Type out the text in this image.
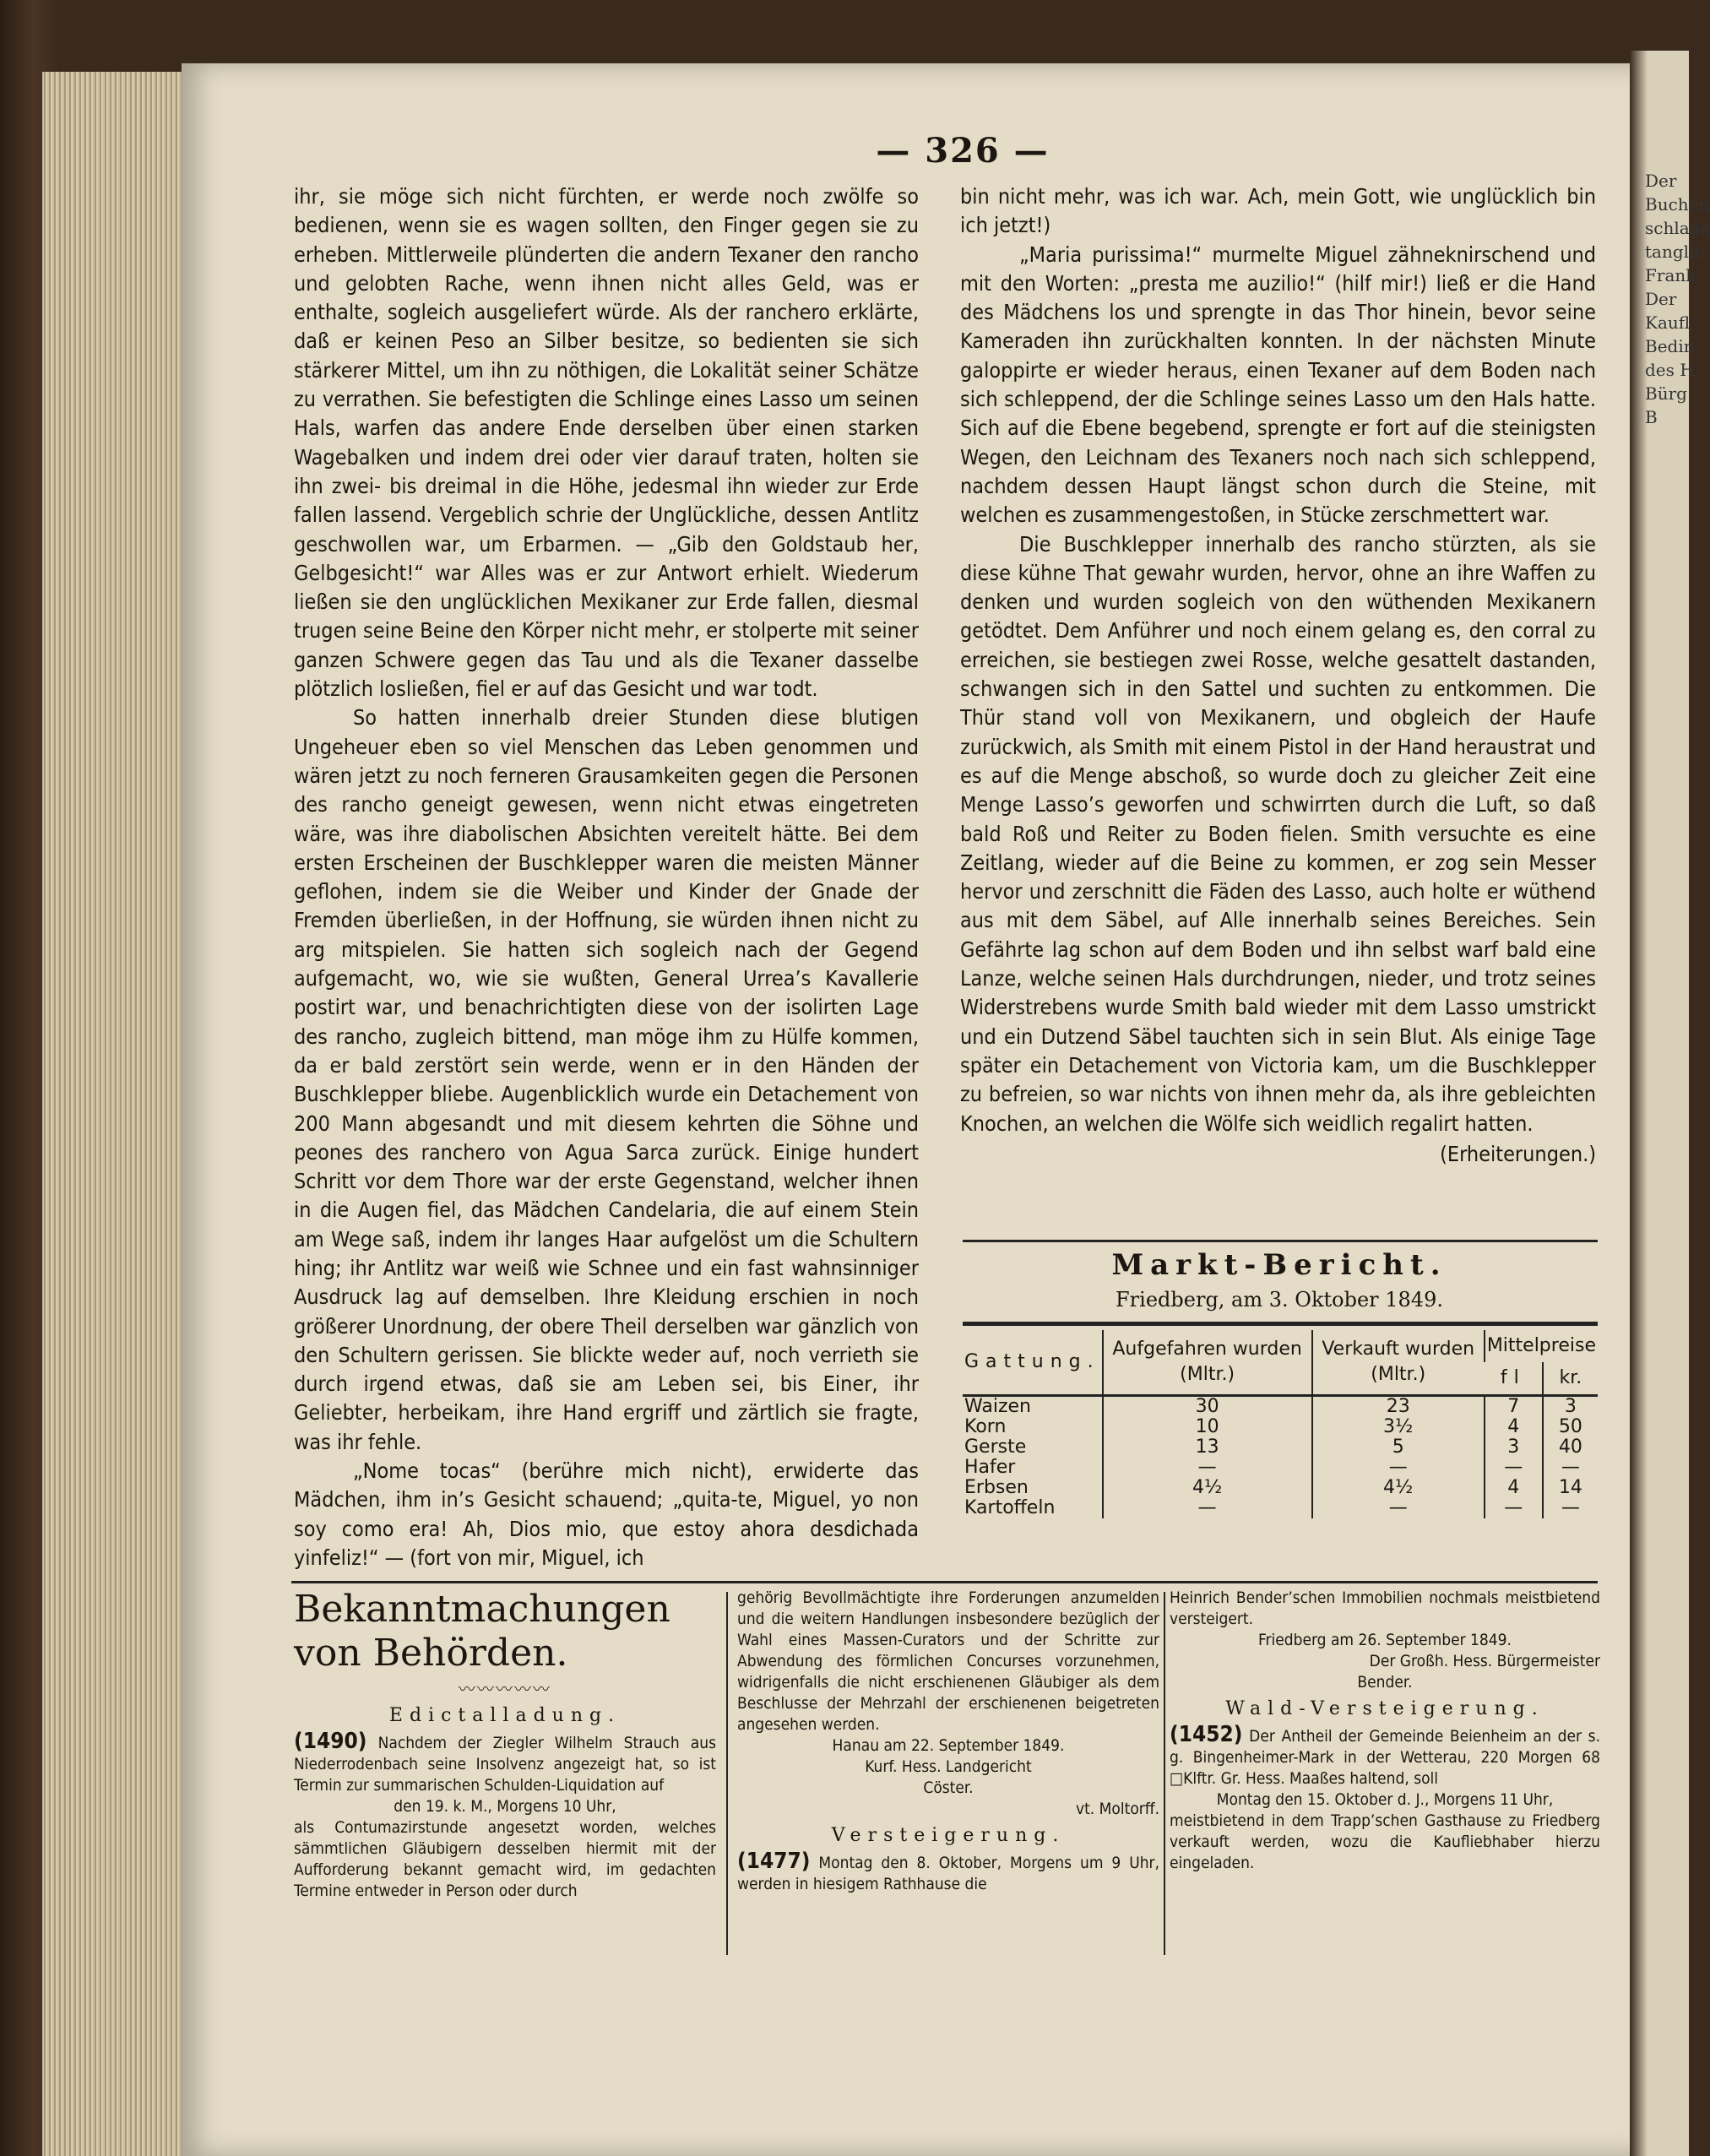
Der
Buchen
schlage
tanglic
Frank
Der
Kaufl
Bedin
des H
Bürg
B
— 326 —

ihr, sie möge sich nicht fürchten, er werde noch zwölfe so bedienen, wenn sie es wagen sollten, den Finger gegen sie zu erheben. Mittlerweile plünderten die andern Texaner den rancho und gelobten Rache, wenn ihnen nicht alles Geld, was er enthalte, sogleich ausgeliefert würde. Als der ranchero erklärte, daß er keinen Peso an Silber besitze, so bedienten sie sich stärkerer Mittel, um ihn zu nöthigen, die Lokalität seiner Schätze zu verrathen. Sie befestigten die Schlinge eines Lasso um seinen Hals, warfen das andere Ende derselben über einen starken Wagebalken und indem drei oder vier darauf traten, holten sie ihn zwei- bis dreimal in die Höhe, jedesmal ihn wieder zur Erde fallen lassend. Vergeblich schrie der Unglückliche, dessen Antlitz geschwollen war, um Erbarmen. — „Gib den Goldstaub her, Gelbgesicht!“ war Alles was er zur Antwort erhielt. Wiederum ließen sie den unglücklichen Mexikaner zur Erde fallen, diesmal trugen seine Beine den Körper nicht mehr, er stolperte mit seiner ganzen Schwere gegen das Tau und als die Texaner dasselbe plötzlich losließen, fiel er auf das Gesicht und war todt.

So hatten innerhalb dreier Stunden diese blutigen Ungeheuer eben so viel Menschen das Leben genommen und wären jetzt zu noch ferneren Grausamkeiten gegen die Personen des rancho geneigt gewesen, wenn nicht etwas eingetreten wäre, was ihre diabolischen Absichten vereitelt hätte. Bei dem ersten Erscheinen der Buschklepper waren die meisten Männer geflohen, indem sie die Weiber und Kinder der Gnade der Fremden überließen, in der Hoffnung, sie würden ihnen nicht zu arg mitspielen. Sie hatten sich sogleich nach der Gegend aufgemacht, wo, wie sie wußten, General Urrea’s Kavallerie postirt war, und benachrichtigten diese von der isolirten Lage des rancho, zugleich bittend, man möge ihm zu Hülfe kommen, da er bald zerstört sein werde, wenn er in den Händen der Buschklepper bliebe. Augenblicklich wurde ein Detachement von 200 Mann abgesandt und mit diesem kehrten die Söhne und peones des ranchero von Agua Sarca zurück. Einige hundert Schritt vor dem Thore war der erste Gegenstand, welcher ihnen in die Augen fiel, das Mädchen Candelaria, die auf einem Stein am Wege saß, indem ihr langes Haar aufgelöst um die Schultern hing; ihr Antlitz war weiß wie Schnee und ein fast wahnsinniger Ausdruck lag auf demselben. Ihre Kleidung erschien in noch größerer Unordnung, der obere Theil derselben war gänzlich von den Schultern gerissen. Sie blickte weder auf, noch verrieth sie durch irgend etwas, daß sie am Leben sei, bis Einer, ihr Geliebter, herbeikam, ihre Hand ergriff und zärtlich sie fragte, was ihr fehle.

„Nome tocas“ (berühre mich nicht), erwiderte das Mädchen, ihm in’s Gesicht schauend; „quita-te, Miguel, yo non soy como era! Ah, Dios mio, que estoy ahora desdichada yinfeliz!“ — (fort von mir, Miguel, ich

bin nicht mehr, was ich war. Ach, mein Gott, wie unglücklich bin ich jetzt!)

„Maria purissima!“ murmelte Miguel zähneknirschend und mit den Worten: „presta me auzilio!“ (hilf mir!) ließ er die Hand des Mädchens los und sprengte in das Thor hinein, bevor seine Kameraden ihn zurückhalten konnten. In der nächsten Minute galoppirte er wieder heraus, einen Texaner auf dem Boden nach sich schleppend, der die Schlinge seines Lasso um den Hals hatte. Sich auf die Ebene begebend, sprengte er fort auf die steinigsten Wegen, den Leichnam des Texaners noch nach sich schleppend, nachdem dessen Haupt längst schon durch die Steine, mit welchen es zusammengestoßen, in Stücke zerschmettert war.

Die Buschklepper innerhalb des rancho stürzten, als sie diese kühne That gewahr wurden, hervor, ohne an ihre Waffen zu denken und wurden sogleich von den wüthenden Mexikanern getödtet. Dem Anführer und noch einem gelang es, den corral zu erreichen, sie bestiegen zwei Rosse, welche gesattelt dastanden, schwangen sich in den Sattel und suchten zu entkommen. Die Thür stand voll von Mexikanern, und obgleich der Haufe zurückwich, als Smith mit einem Pistol in der Hand heraustrat und es auf die Menge abschoß, so wurde doch zu gleicher Zeit eine Menge Lasso’s geworfen und schwirrten durch die Luft, so daß bald Roß und Reiter zu Boden fielen. Smith versuchte es eine Zeitlang, wieder auf die Beine zu kommen, er zog sein Messer hervor und zerschnitt die Fäden des Lasso, auch holte er wüthend aus mit dem Säbel, auf Alle innerhalb seines Bereiches. Sein Gefährte lag schon auf dem Boden und ihn selbst warf bald eine Lanze, welche seinen Hals durchdrungen, nieder, und trotz seines Widerstrebens wurde Smith bald wieder mit dem Lasso umstrickt und ein Dutzend Säbel tauchten sich in sein Blut. Als einige Tage später ein Detachement von Victoria kam, um die Buschklepper zu befreien, so war nichts von ihnen mehr da, als ihre gebleichten Knochen, an welchen die Wölfe sich weidlich regalirt hatten.

(Erheiterungen.)
Markt-Bericht.
Friedberg, am 3. Oktober 1849.
Gattung.	Aufgefahren wurden (Mltr.)	Verkauft wurden (Mltr.)	Mittelpreise	
			fl	kr.
Waizen	30	23	7	3
Korn	10	3½	4	50
Gerste	13	5	3	40
Hafer	—	—	—	—
Erbsen	4½	4½	4	14
Kartoffeln	—	—	—	—

Bekanntmachungen von Behörden.

〰〰〰〰〰
Edictalladung.

(1490) Nachdem der Ziegler Wilhelm Strauch aus Niederrodenbach seine Insolvenz angezeigt hat, so ist Termin zur summarischen Schulden-Liquidation auf

den 19. k. M., Morgens 10 Uhr,

als Contumazirstunde angesetzt worden, welches sämmtlichen Gläubigern desselben hiermit mit der Aufforderung bekannt gemacht wird, im gedachten Termine entweder in Person oder durch

gehörig Bevollmächtigte ihre Forderungen anzumelden und die weitern Handlungen insbesondere bezüglich der Wahl eines Massen-Curators und der Schritte zur Abwendung des förmlichen Concurses vorzunehmen, widrigenfalls die nicht erschienenen Gläubiger als dem Beschlusse der Mehrzahl der erschienenen beigetreten angesehen werden.

Hanau am 22. September 1849.

Kurf. Hess. Landgericht

Cöster.

vt. Moltorff.

Versteigerung.

(1477) Montag den 8. Oktober, Morgens um 9 Uhr, werden in hiesigem Rathhause die

Heinrich Bender’schen Immobilien nochmals meistbietend versteigert.

Friedberg am 26. September 1849.

Der Großh. Hess. Bürgermeister

Bender.

Wald-Versteigerung.

(1452) Der Antheil der Gemeinde Beienheim an der s. g. Bingenheimer-Mark in der Wetterau, 220 Morgen 68 □Klftr. Gr. Hess. Maaßes haltend, soll

Montag den 15. Oktober d. J., Morgens 11 Uhr,

meistbietend in dem Trapp’schen Gasthause zu Friedberg verkauft werden, wozu die Kaufliebhaber hierzu eingeladen.
